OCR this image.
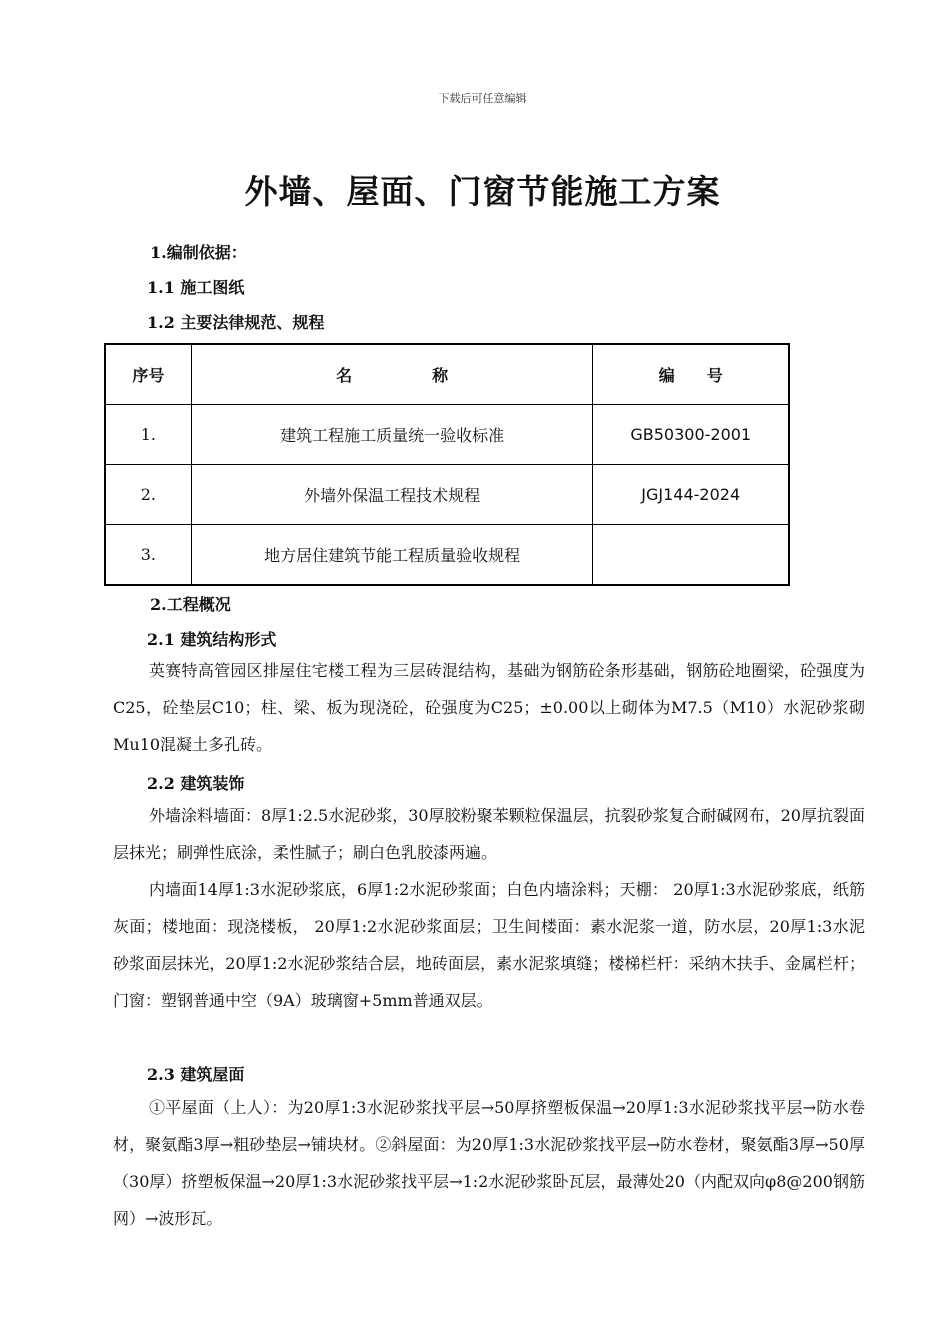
下载后可任意编辑
外墙、屋面、门窗节能施工方案
1.编制依据：
1.1 施工图纸
1.2 主要法律规范、规程
序号	名　　　　　称	编　　号
1.	建筑工程施工质量统一验收标准	GB50300-2001
2.	外墙外保温工程技术规程	JGJ144-2024
3.	地方居住建筑节能工程质量验收规程	
2.工程概况
2.1 建筑结构形式

英赛特高管园区排屋住宅楼工程为三层砖混结构，基础为钢筋砼条形基础，钢筋砼地圈梁，砼强度为C25，砼垫层C10；柱、梁、板为现浇砼，砼强度为C25；±0.00以上砌体为M7.5（M10）水泥砂浆砌Mu10混凝土多孔砖。

2.2 建筑装饰

外墙涂料墙面：8厚1:2.5水泥砂浆，30厚胶粉聚苯颗粒保温层，抗裂砂浆复合耐碱网布，20厚抗裂面层抹光；刷弹性底涂，柔性腻子；刷白色乳胶漆两遍。

内墙面14厚1:3水泥砂浆底，6厚1:2水泥砂浆面；白色内墙涂料；天棚： 20厚1:3水泥砂浆底，纸筋灰面；楼地面：现浇楼板， 20厚1:2水泥砂浆面层；卫生间楼面：素水泥浆一道，防水层，20厚1:3水泥砂浆面层抹光，20厚1:2水泥砂浆结合层，地砖面层，素水泥浆填缝；楼梯栏杆：采纳木扶手、金属栏杆；门窗：塑钢普通中空（9A）玻璃窗+5mm普通双层。

2.3 建筑屋面

①平屋面（上人）：为20厚1:3水泥砂浆找平层→50厚挤塑板保温→20厚1:3水泥砂浆找平层→防水卷材，聚氨酯3厚→粗砂垫层→铺块材。②斜屋面：为20厚1:3水泥砂浆找平层→防水卷材，聚氨酯3厚→50厚（30厚）挤塑板保温→20厚1:3水泥砂浆找平层→1:2水泥砂浆卧瓦层，最薄处20（内配双向φ8@200钢筋网）→波形瓦。
